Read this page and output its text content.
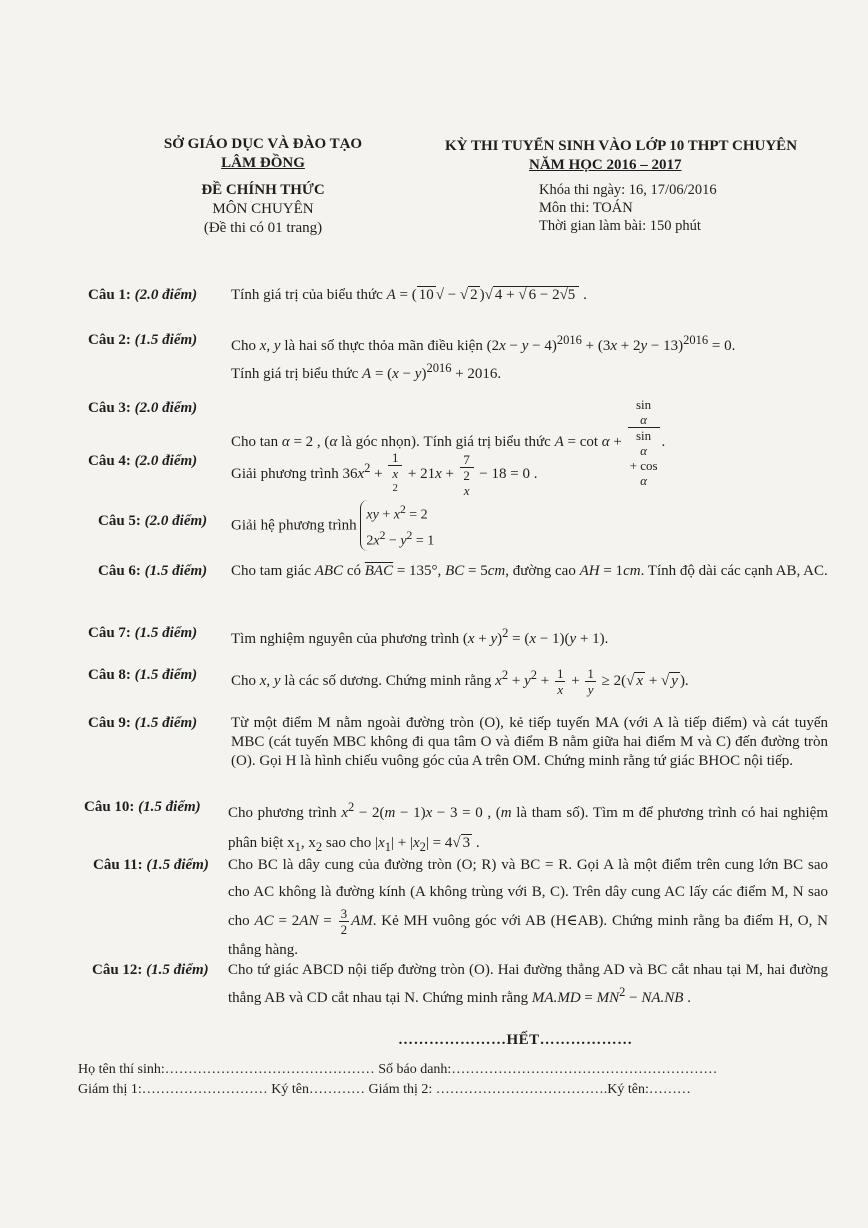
SỞ GIÁO DỤC VÀ ĐÀO TẠO
LÂM ĐỒNG
ĐỀ CHÍNH THỨC
MÔN CHUYÊN
(Đề thi có 01 trang)
KỲ THI TUYỂN SINH VÀO LỚP 10 THPT CHUYÊN
NĂM HỌC 2016 – 2017
Khóa thi ngày: 16, 17/06/2016
Môn thi: TOÁN
Thời gian làm bài: 150 phút
Câu 1: (2.0 điểm) Tính giá trị của biểu thức A = ( 10 √ − √ 2 )√ 4 + √ 6 − 2√5 .
Câu 2: (1.5 điểm) Cho x, y là hai số thực thỏa mãn điều kiện $(2x - y - 4)^{2016} + (3x + 2y - 13)^{2016} = 0$.
Tính giá trị biểu thức $A = (x - y)^{2016} + 2016$.
Câu 3: (2.0 điểm)
Cho tan α = 2 , (α là góc nhọn). Tính giá trị biểu thức A = cot α + sin
α
sin
α
+ cos
α .
Câu 4: (2.0 điểm)
Giải phương trình $36x^2 + 1$
x
$^2$ + 21x + 7
2
x − 18 = 0 .
Câu 5: (2.0 điểm) Giải hệ phương trình xy + $x^2 = 2$
$2x^2 - y^2 = 1$
Câu 6: (1.5 điểm) Cho tam giác ABC có $\overline{BAC} = 135^\circ$, BC = 5cm, đường cao AH = 1cm. Tính độ dài các cạnh AB, AC.
Câu 7: (1.5 điểm) Tìm nghiệm nguyên của phương trình $(x + y)^2 = (x - 1)(y + 1)$.
Câu 8: (1.5 điểm) Cho x, y là các số dương. Chứng minh rằng $x^2 + y^2 + \frac{1}{x} + \frac{1}{y} \ge 2(√$ x + √ y ).
Câu 9: (1.5 điểm) Từ một điểm M nằm ngoài đường tròn (O), kẻ tiếp tuyến MA (với A là tiếp điểm) và cát tuyến MBC (cát tuyến MBC không đi qua tâm O và điểm B nằm giữa hai điểm M và C) đến đường tròn (O). Gọi H là hình chiếu vuông góc của A trên OM. Chứng minh rằng tứ giác BHOC nội tiếp.
Câu 10: (1.5 điểm) Cho phương trình $x^2 - 2(m - 1)x - 3 = 0$ , (m là tham số). Tìm m để phương trình có hai nghiệm phân biệt $x_1$, $x_2$ sao cho $|x_1| + |x_2| = 4√$ 3 .
Câu 11: (1.5 điểm) Cho BC là dây cung của đường tròn (O; R) và BC = R. Gọi A là một điểm trên cung lớn BC sao cho AC không là đường kính (A không trùng với B, C). Trên dây cung AC lấy các điểm M, N sao cho AC = $2AN = \frac{3}{2}$ AM. Kẻ MH vuông góc với AB (H∈AB). Chứng minh rằng ba điểm H, O, N thẳng hàng.
Câu 12: (1.5 điểm) Cho tứ giác ABCD nội tiếp đường tròn (O). Hai đường thẳng AD và BC cắt nhau tại M, hai đường thẳng AB và CD cắt nhau tại N. Chứng minh rằng $MA.MD = MN^2 - NA.NB$ .
…………………HẾT………………
Họ tên thí sinh:……………………………………… Số báo danh:…………………………………………………
Giám thị 1:……………………… Ký tên………… Giám thị 2: ……………………………….Ký tên:………
